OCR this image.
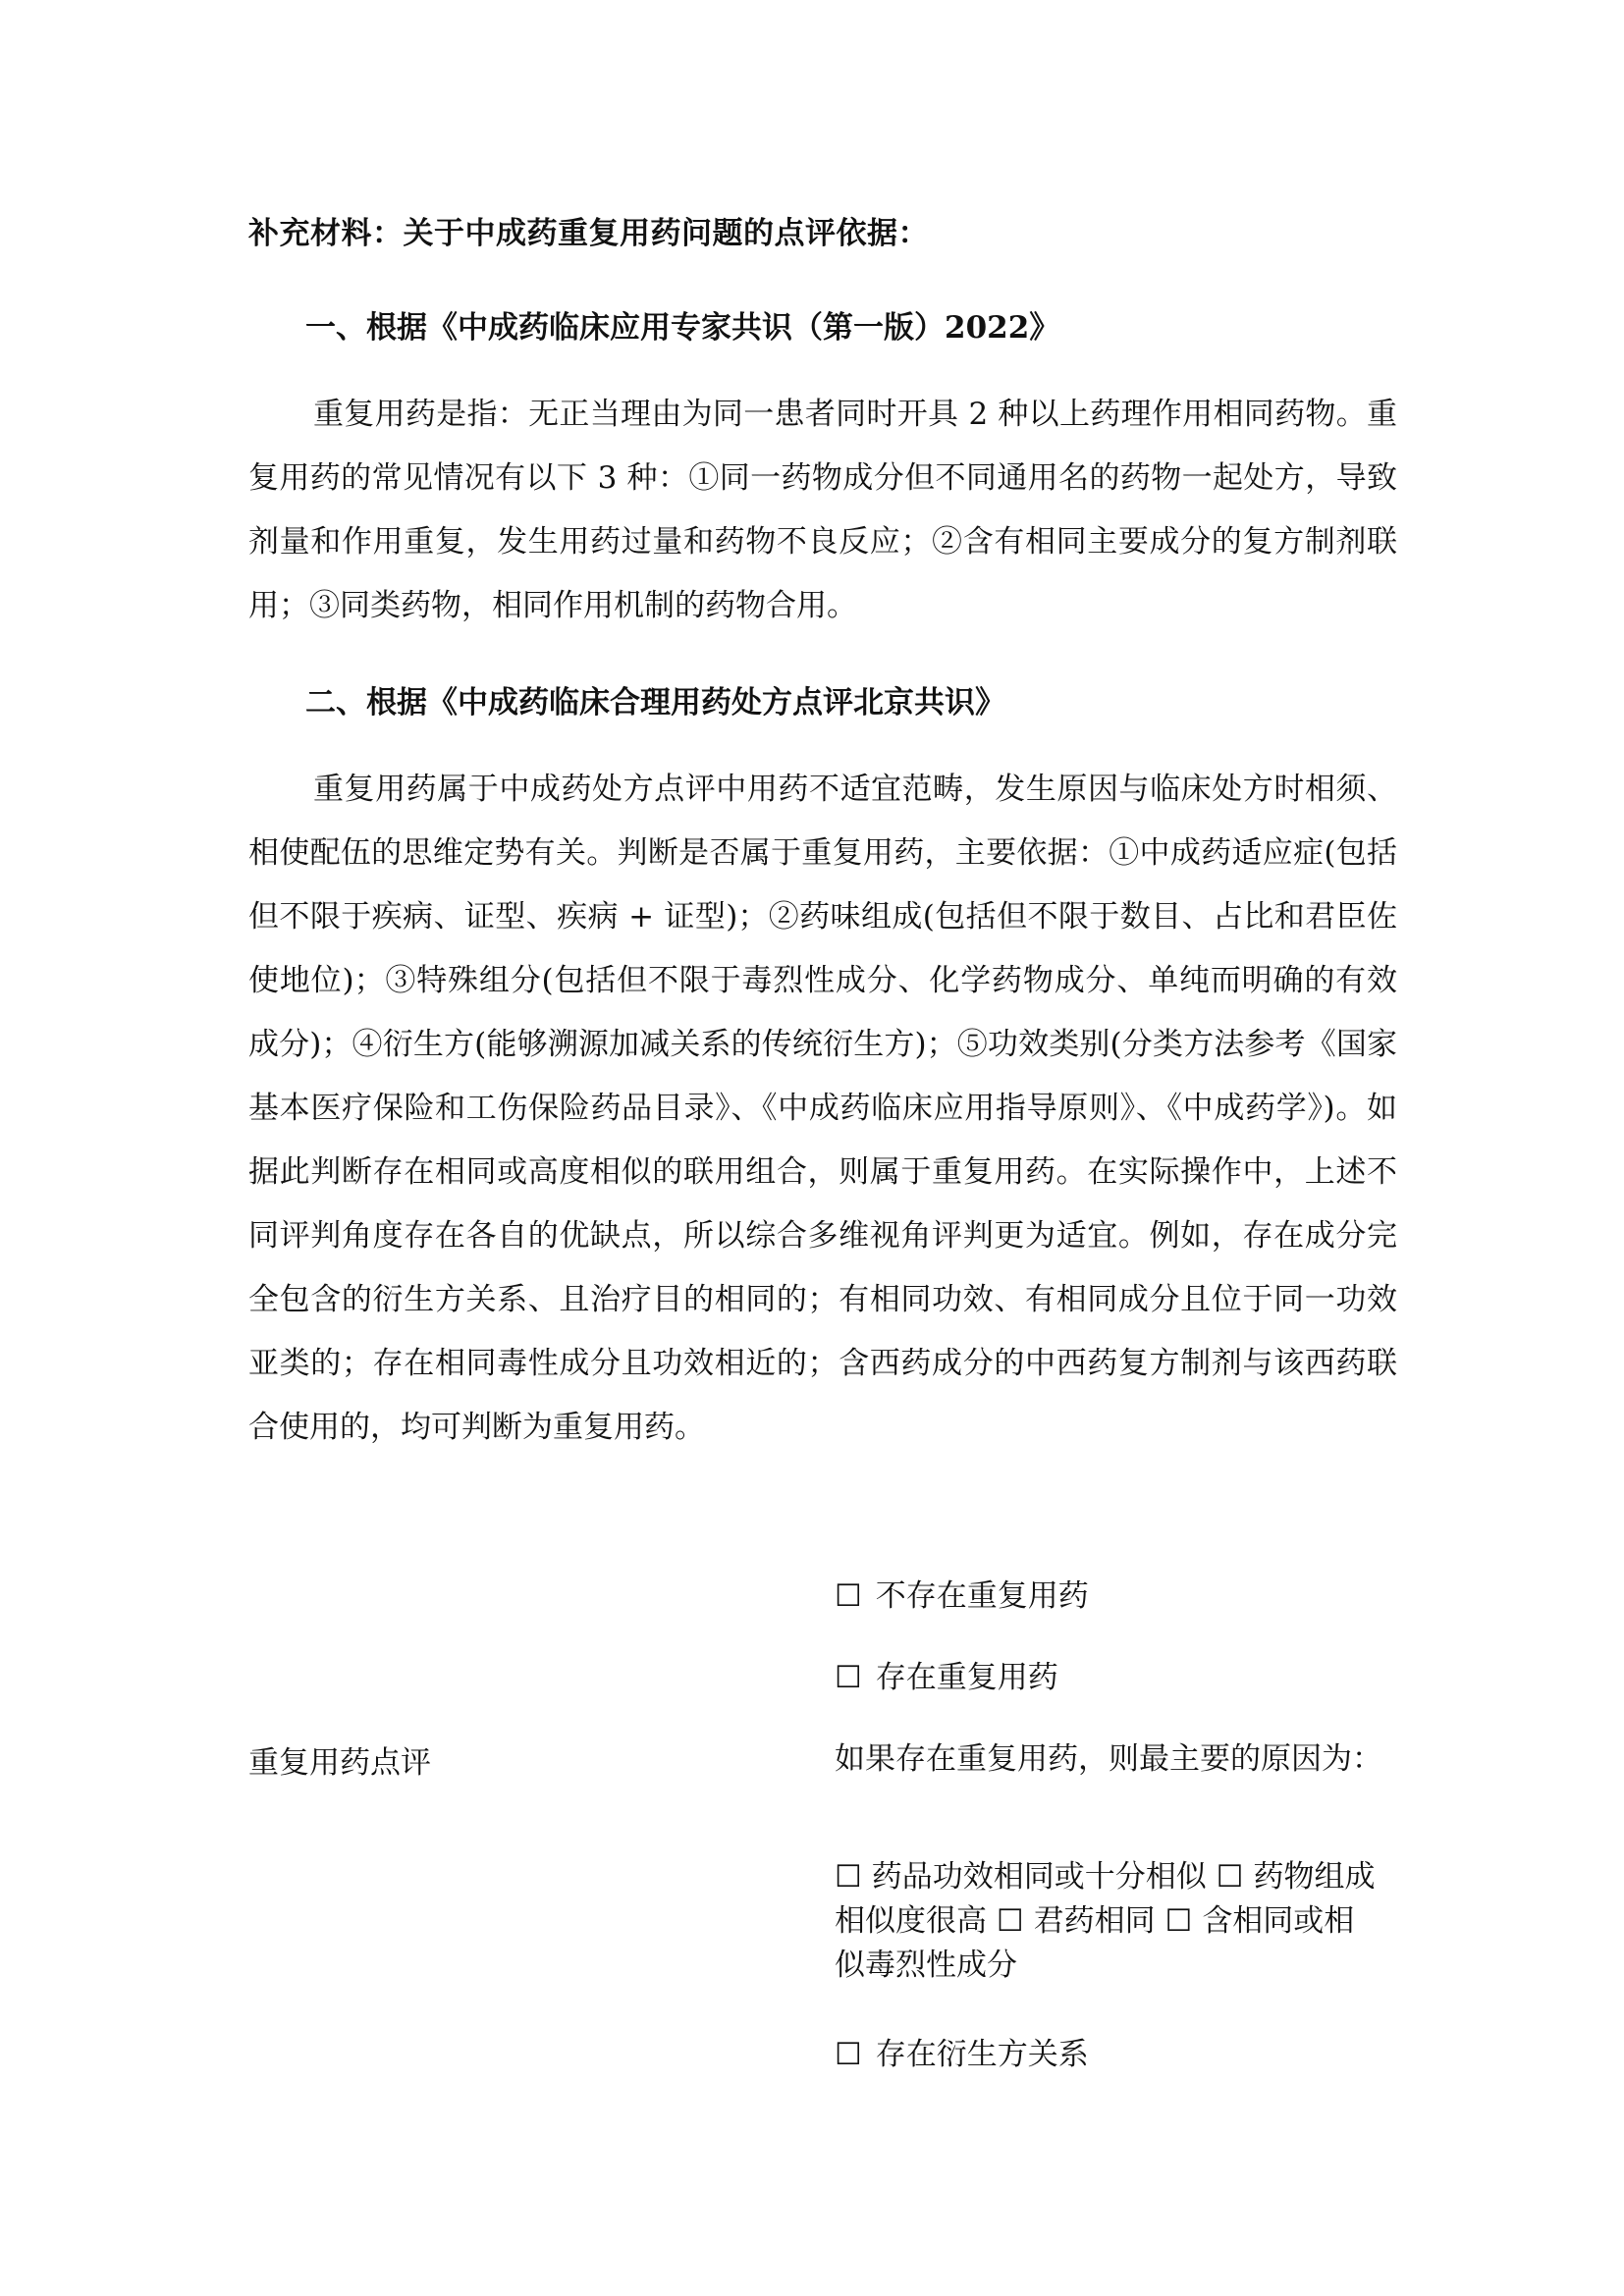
补充材料：关于中成药重复用药问题的点评依据：
一、根据《中成药临床应用专家共识（第一版）2022》

重复用药是指：无正当理由为同一患者同时开具 2 种以上药理作用相同药物。重复用药的常见情况有以下 3 种：①同一药物成分但不同通用名的药物一起处方，导致剂量和作用重复，发生用药过量和药物不良反应；②含有相同主要成分的复方制剂联用；③同类药物，相同作用机制的药物合用。

二、根据《中成药临床合理用药处方点评北京共识》

重复用药属于中成药处方点评中用药不适宜范畴，发生原因与临床处方时相须、相使配伍的思维定势有关。判断是否属于重复用药，主要依据：①中成药适应症(包括但不限于疾病、证型、疾病 + 证型)；②药味组成(包括但不限于数目、占比和君臣佐使地位)；③特殊组分(包括但不限于毒烈性成分、化学药物成分、单纯而明确的有效成分)；④衍生方(能够溯源加减关系的传统衍生方)；⑤功效类别(分类方法参考《国家基本医疗保险和工伤保险药品目录》、《中成药临床应用指导原则》、《中成药学》)。如据此判断存在相同或高度相似的联用组合，则属于重复用药。在实际操作中，上述不同评判角度存在各自的优缺点，所以综合多维视角评判更为适宜。例如，存在成分完全包含的衍生方关系、且治疗目的相同的；有相同功效、有相同成分且位于同一功效亚类的；存在相同毒性成分且功效相近的；含西药成分的中西药复方制剂与该西药联合使用的，均可判断为重复用药。

☐ 不存在重复用药
☐ 存在重复用药
重复用药点评	如果存在重复用药，则最主要的原因为：
☐ 药品功效相同或十分相似 ☐ 药物组成相似度很高 ☐ 君药相同 ☐ 含相同或相似毒烈性成分
☐ 存在衍生方关系
